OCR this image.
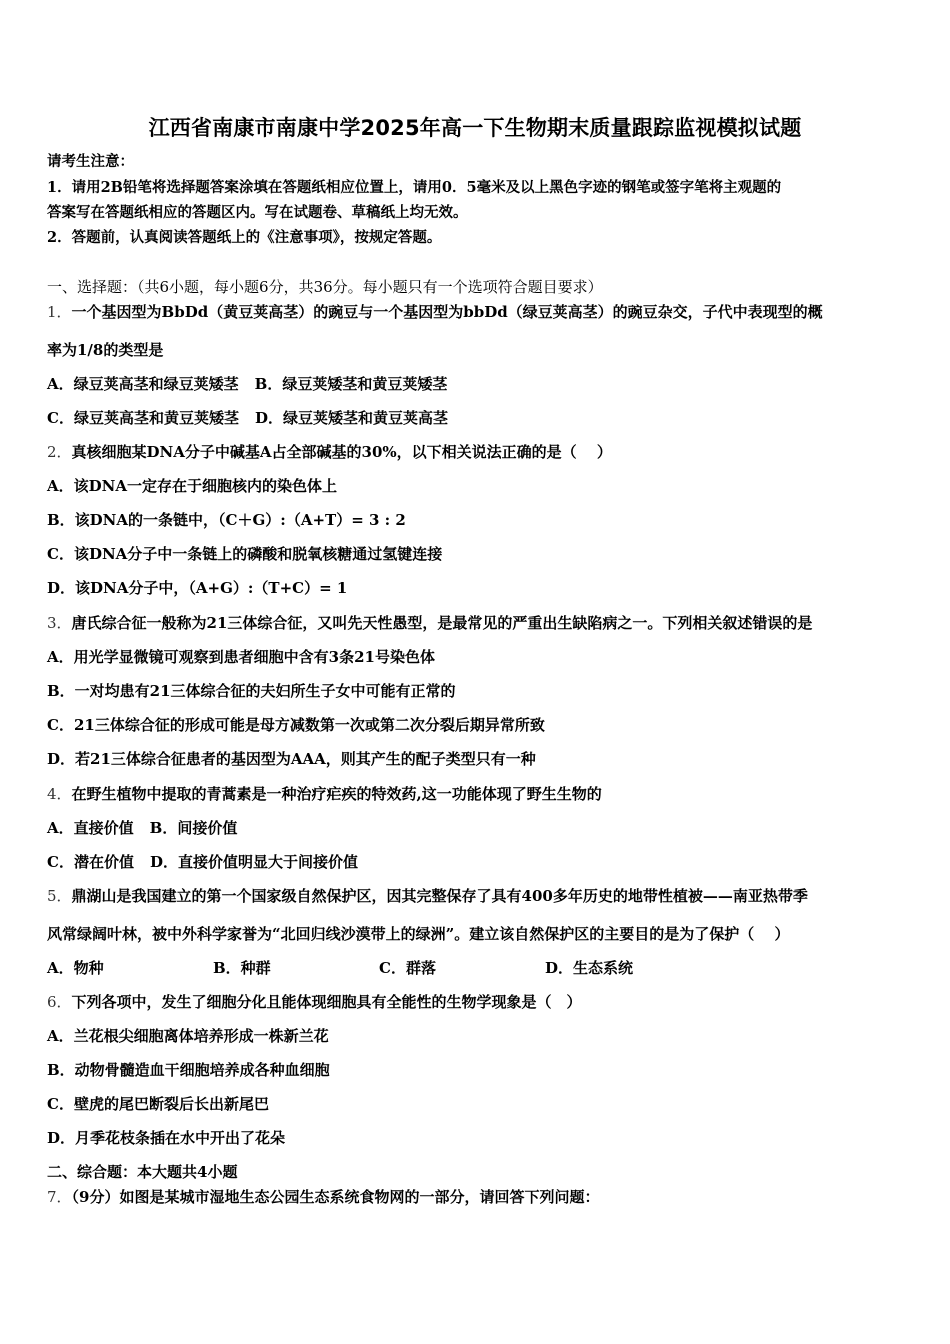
江西省南康市南康中学2025年高一下生物期末质量跟踪监视模拟试题
请考生注意：
1．请用2B铅笔将选择题答案涂填在答题纸相应位置上，请用0．5毫米及以上黑色字迹的钢笔或签字笔将主观题的
答案写在答题纸相应的答题区内。写在试题卷、草稿纸上均无效。
2．答题前，认真阅读答题纸上的《注意事项》，按规定答题。
一、选择题：（共6小题，每小题6分，共36分。每小题只有一个选项符合题目要求）
1．一个基因型为BbDd（黄豆荚高茎）的豌豆与一个基因型为bbDd（绿豆荚高茎）的豌豆杂交，子代中表现型的概
率为1/8的类型是
A．绿豆荚高茎和绿豆荚矮茎 B．绿豆荚矮茎和黄豆荚矮茎
C．绿豆荚高茎和黄豆荚矮茎 D．绿豆荚矮茎和黄豆荚高茎
2．真核细胞某DNA分子中碱基A占全部碱基的30%，以下相关说法正确的是（　 ）
A．该DNA一定存在于细胞核内的染色体上
B．该DNA的一条链中，（C＋G）:（A+T）= 3 : 2
C．该DNA分子中一条链上的磷酸和脱氧核糖通过氢键连接
D．该DNA分子中，（A+G）:（T+C）= 1
3．唐氏综合征一般称为21三体综合征，又叫先天性愚型，是最常见的严重出生缺陷病之一。下列相关叙述错误的是
A．用光学显微镜可观察到患者细胞中含有3条21号染色体
B．一对均患有21三体综合征的夫妇所生子女中可能有正常的
C．21三体综合征的形成可能是母方减数第一次或第二次分裂后期异常所致
D．若21三体综合征患者的基因型为AAA，则其产生的配子类型只有一种
4．在野生植物中提取的青蒿素是一种治疗疟疾的特效药,这一功能体现了野生生物的
A．直接价值 B．间接价值
C．潜在价值 D．直接价值明显大于间接价值
5．鼎湖山是我国建立的第一个国家级自然保护区，因其完整保存了具有400多年历史的地带性植被——南亚热带季
风常绿阔叶林，被中外科学家誉为“北回归线沙漠带上的绿洲”。建立该自然保护区的主要目的是为了保护（　 ）
A．物种	B．种群	C．群落	D．生态系统
6．下列各项中，发生了细胞分化且能体现细胞具有全能性的生物学现象是（　）
A．兰花根尖细胞离体培养形成一株新兰花
B．动物骨髓造血干细胞培养成各种血细胞
C．壁虎的尾巴断裂后长出新尾巴
D．月季花枝条插在水中开出了花朵
二、综合题：本大题共4小题
7．（9分）如图是某城市湿地生态公园生态系统食物网的一部分，请回答下列问题：
